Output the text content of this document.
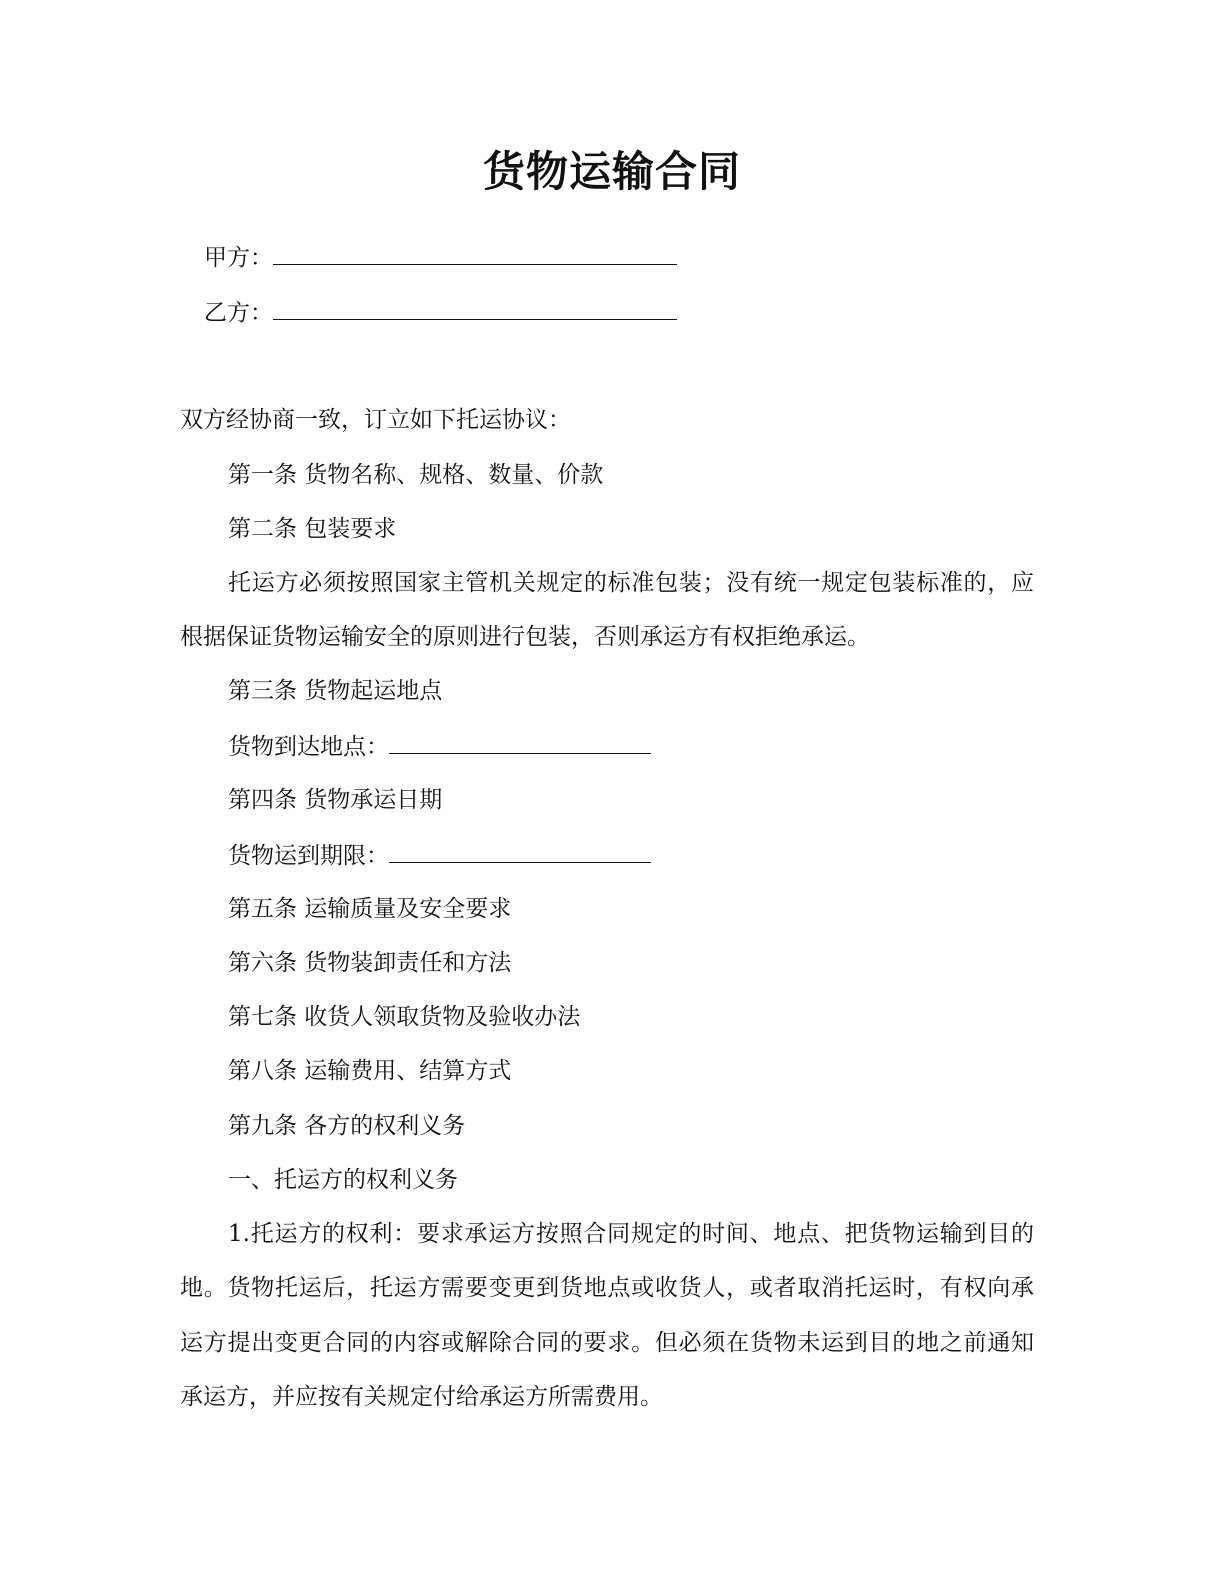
货物运输合同
甲方：
乙方：
双方经协商一致，订立如下托运协议：
第一条 货物名称、规格、数量、价款
第二条 包装要求
托运方必须按照国家主管机关规定的标准包装；没有统一规定包装标准的，应
根据保证货物运输安全的原则进行包装，否则承运方有权拒绝承运。
第三条 货物起运地点
货物到达地点：
第四条 货物承运日期
货物运到期限：
第五条 运输质量及安全要求
第六条 货物装卸责任和方法
第七条 收货人领取货物及验收办法
第八条 运输费用、结算方式
第九条 各方的权利义务
一、托运方的权利义务
1.托运方的权利：要求承运方按照合同规定的时间、地点、把货物运输到目的
地。货物托运后，托运方需要变更到货地点或收货人，或者取消托运时，有权向承
运方提出变更合同的内容或解除合同的要求。但必须在货物未运到目的地之前通知
承运方，并应按有关规定付给承运方所需费用。
